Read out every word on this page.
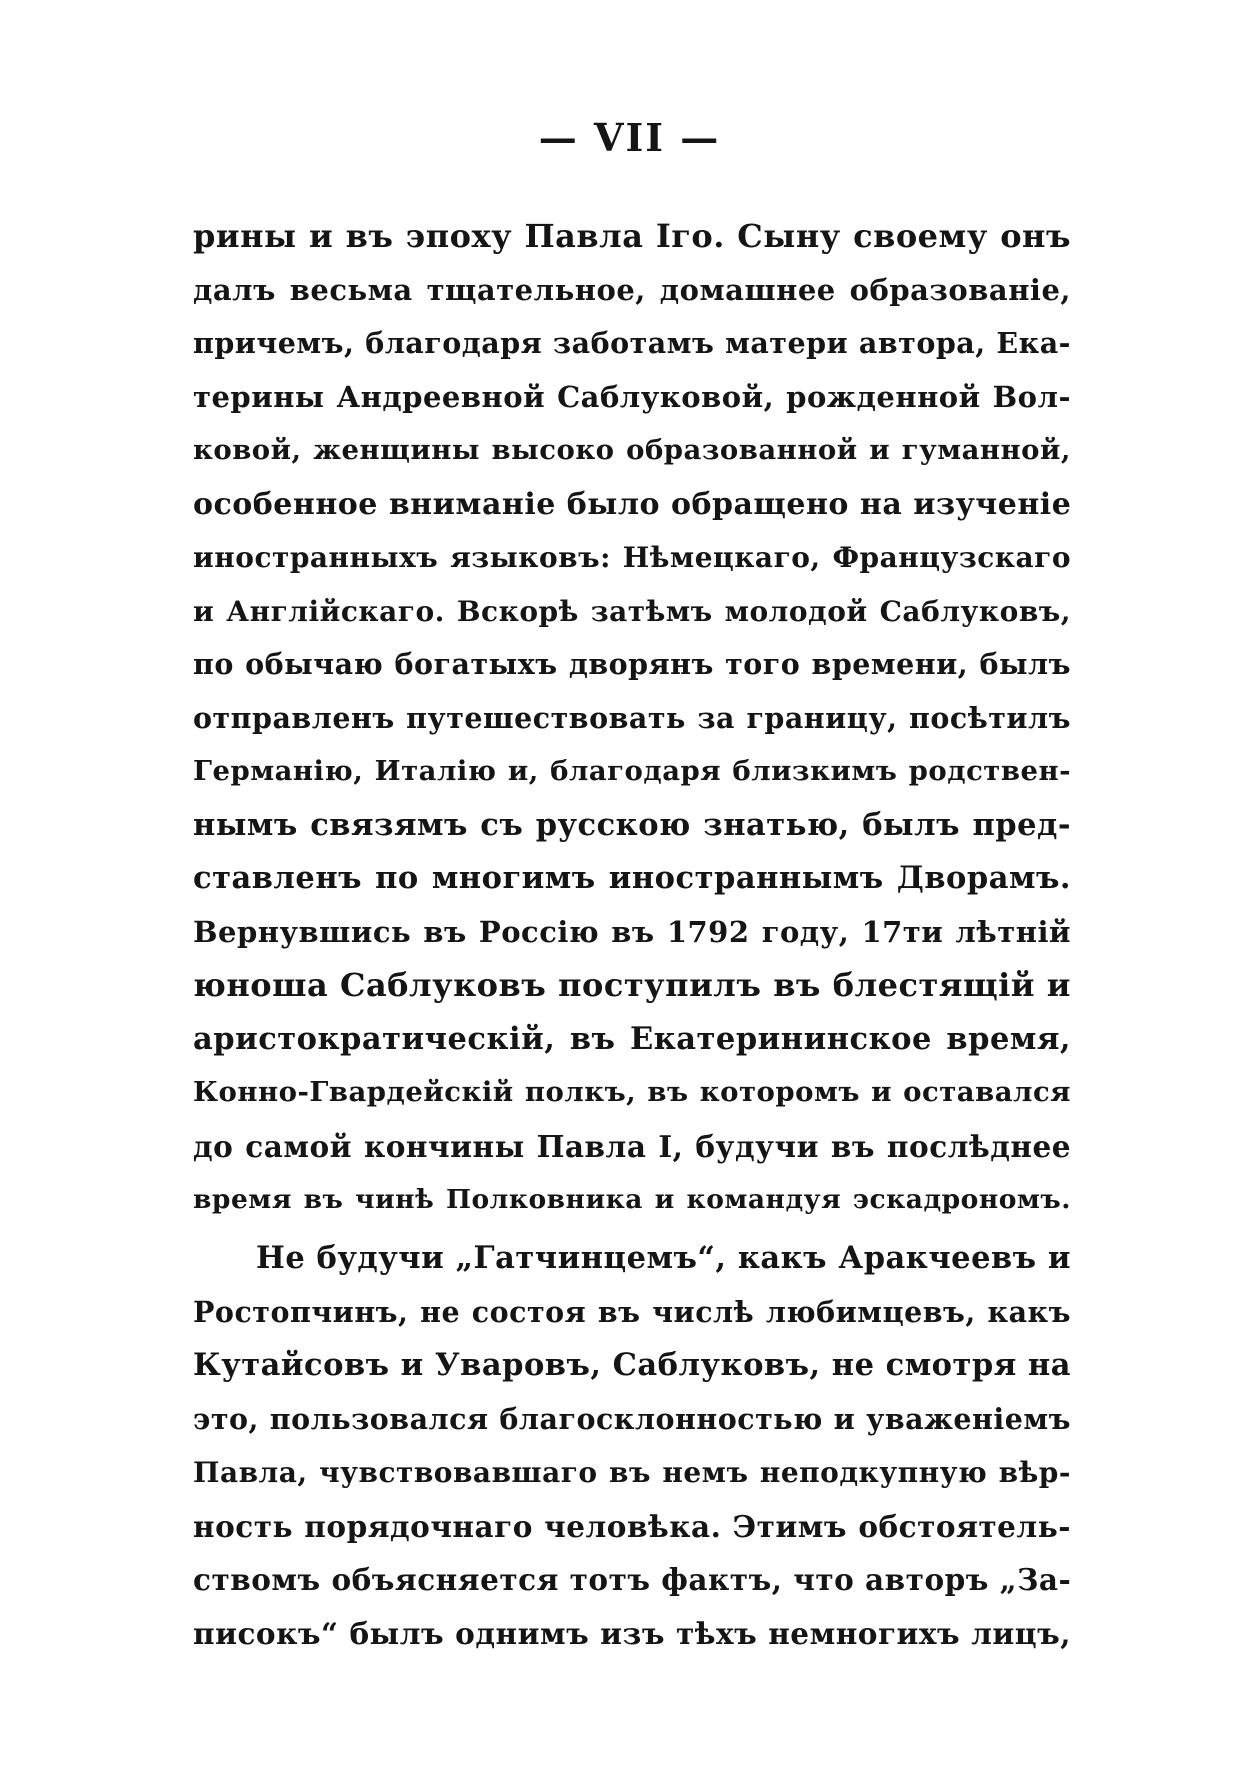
— VII —
рины и въ эпоху Павла Іго. Сыну своему онъ
далъ весьма тщательное, домашнее образованіе,
причемъ, благодаря заботамъ матери автора, Ека-
терины Андреевной Саблуковой, рожденной Вол-
ковой, женщины высоко образованной и гуманной,
особенное вниманіе было обращено на изученіе
иностранныхъ языковъ: Нѣмецкаго, Французскаго
и Англійскаго. Вскорѣ затѣмъ молодой Саблуковъ,
по обычаю богатыхъ дворянъ того времени, былъ
отправленъ путешествовать за границу, посѣтилъ
Германію, Италію и, благодаря близкимъ родствен-
нымъ связямъ съ русскою знатью, былъ пред-
ставленъ по многимъ иностраннымъ Дворамъ.
Вернувшись въ Россію въ 1792 году, 17ти лѣтній
юноша Саблуковъ поступилъ въ блестящій и
аристократическій, въ Екатерининское время,
Конно-Гвардейскій полкъ, въ которомъ и оставался
до самой кончины Павла І, будучи въ послѣднее
время въ чинѣ Полковника и командуя эскадрономъ.
Не будучи „Гатчинцемъ“, какъ Аракчеевъ и
Ростопчинъ, не состоя въ числѣ любимцевъ, какъ
Кутайсовъ и Уваровъ, Саблуковъ, не смотря на
это, пользовался благосклонностью и уваженіемъ
Павла, чувствовавшаго въ немъ неподкупную вѣр-
ность порядочнаго человѣка. Этимъ обстоятель-
ствомъ объясняется тотъ фактъ, что авторъ „За-
писокъ“ былъ однимъ изъ тѣхъ немногихъ лицъ,
